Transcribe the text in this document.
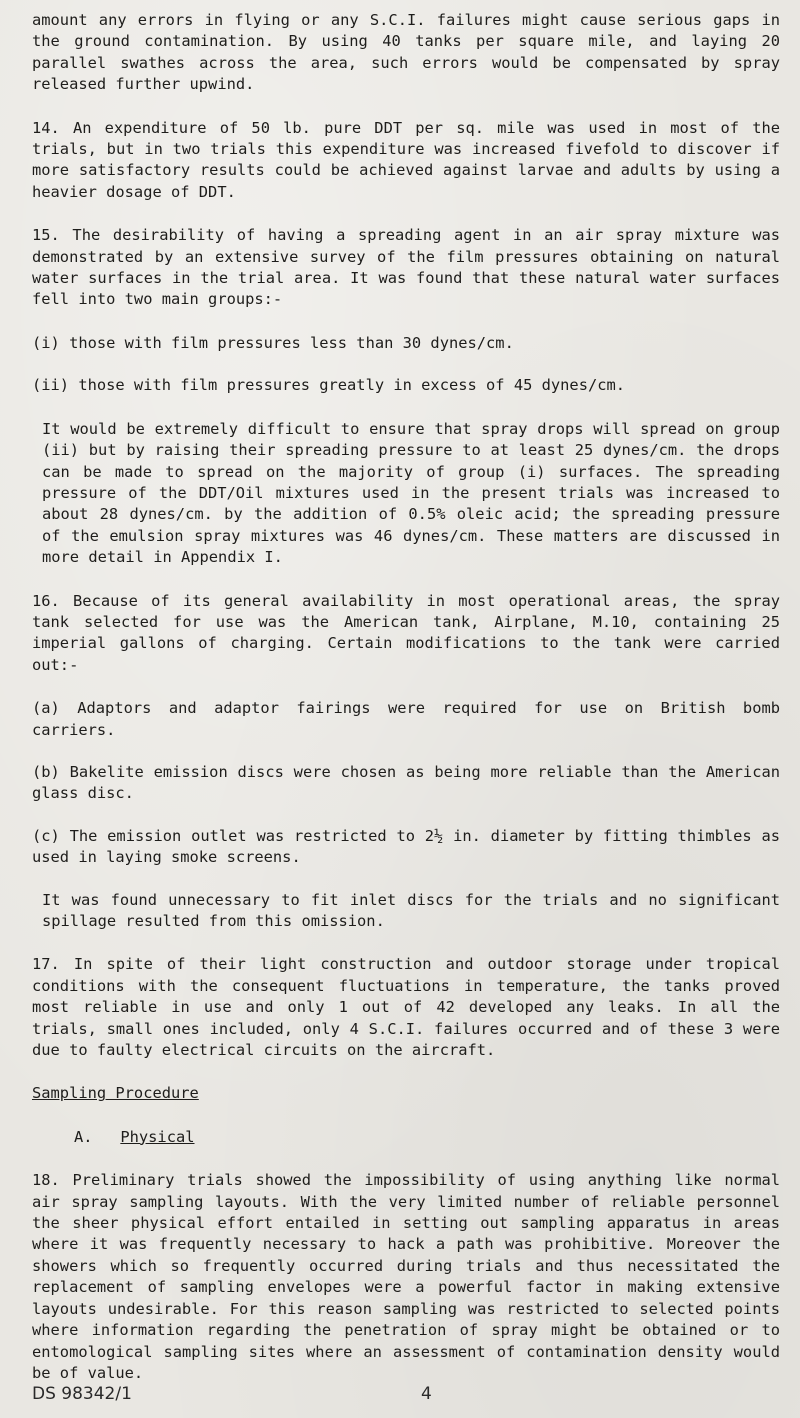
amount any errors in flying or any S.C.I. failures might cause serious gaps in the ground contamination. By using 40 tanks per square mile, and laying 20 parallel swathes across the area, such errors would be compensated by spray released further upwind.

14. An expenditure of 50 lb. pure DDT per sq. mile was used in most of the trials, but in two trials this expenditure was increased fivefold to discover if more satisfactory results could be achieved against larvae and adults by using a heavier dosage of DDT.

15. The desirability of having a spreading agent in an air spray mixture was demonstrated by an extensive survey of the film pressures obtaining on natural water surfaces in the trial area. It was found that these natural water surfaces fell into two main groups:-

(i) those with film pressures less than 30 dynes/cm.

(ii) those with film pressures greatly in excess of 45 dynes/cm.

It would be extremely difficult to ensure that spray drops will spread on group (ii) but by raising their spreading pressure to at least 25 dynes/cm. the drops can be made to spread on the majority of group (i) surfaces. The spreading pressure of the DDT/Oil mixtures used in the present trials was increased to about 28 dynes/cm. by the addition of 0.5% oleic acid; the spreading pressure of the emulsion spray mixtures was 46 dynes/cm. These matters are discussed in more detail in Appendix I.

16. Because of its general availability in most operational areas, the spray tank selected for use was the American tank, Airplane, M.10, containing 25 imperial gallons of charging. Certain modifications to the tank were carried out:-

(a) Adaptors and adaptor fairings were required for use on British bomb carriers.

(b) Bakelite emission discs were chosen as being more reliable than the American glass disc.

(c) The emission outlet was restricted to 2½ in. diameter by fitting thimbles as used in laying smoke screens.

It was found unnecessary to fit inlet discs for the trials and no significant spillage resulted from this omission.

17. In spite of their light construction and outdoor storage under tropical conditions with the consequent fluctuations in temperature, the tanks proved most reliable in use and only 1 out of 42 developed any leaks. In all the trials, small ones included, only 4 S.C.I. failures occurred and of these 3 were due to faulty electrical circuits on the aircraft.

Sampling Procedure

A. Physical

18. Preliminary trials showed the impossibility of using anything like normal air spray sampling layouts. With the very limited number of reliable personnel the sheer physical effort entailed in setting out sampling apparatus in areas where it was frequently necessary to hack a path was prohibitive. Moreover the showers which so frequently occurred during trials and thus necessitated the replacement of sampling envelopes were a powerful factor in making extensive layouts undesirable. For this reason sampling was restricted to selected points where information regarding the penetration of spray might be obtained or to entomological sampling sites where an assessment of contamination density would be of value.

DS 98342/1	4
